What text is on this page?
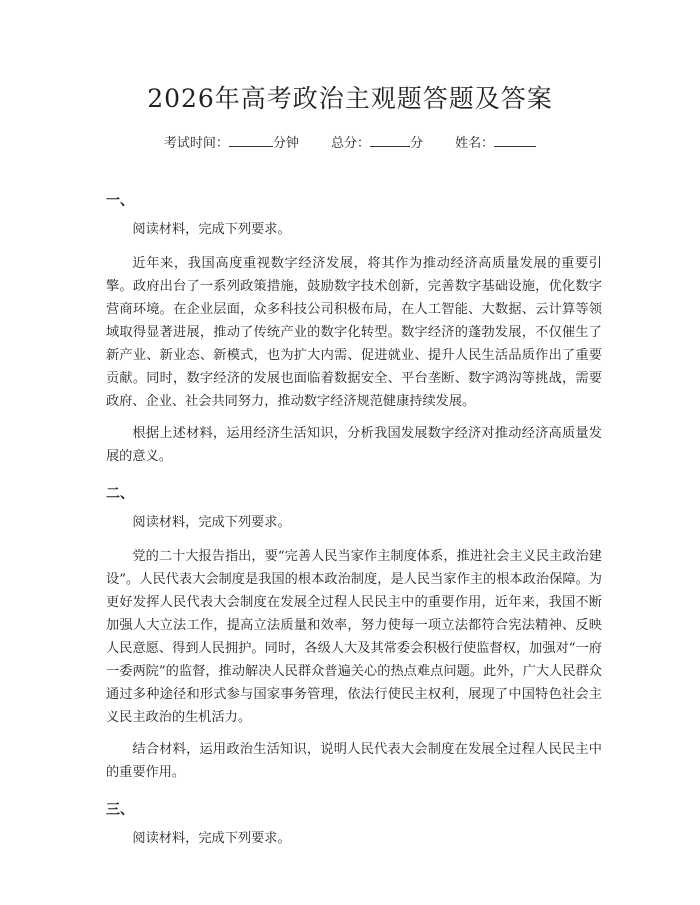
2026年高考政治主观题答题及答案
考试时间：	分钟 总分：	分 姓名：

一、

阅读材料，完成下列要求。

近年来，我国高度重视数字经济发展，将其作为推动经济高质量发展的重要引擎。政府出台了一系列政策措施，鼓励数字技术创新，完善数字基础设施，优化数字营商环境。在企业层面，众多科技公司积极布局，在人工智能、大数据、云计算等领域取得显著进展，推动了传统产业的数字化转型。数字经济的蓬勃发展，不仅催生了新产业、新业态、新模式，也为扩大内需、促进就业、提升人民生活品质作出了重要贡献。同时，数字经济的发展也面临着数据安全、平台垄断、数字鸿沟等挑战，需要政府、企业、社会共同努力，推动数字经济规范健康持续发展。

根据上述材料，运用经济生活知识，分析我国发展数字经济对推动经济高质量发展的意义。

二、

阅读材料，完成下列要求。

党的二十大报告指出，要“完善人民当家作主制度体系，推进社会主义民主政治建设”。人民代表大会制度是我国的根本政治制度，是人民当家作主的根本政治保障。为更好发挥人民代表大会制度在发展全过程人民民主中的重要作用，近年来，我国不断加强人大立法工作，提高立法质量和效率，努力使每一项立法都符合宪法精神、反映人民意愿、得到人民拥护。同时，各级人大及其常委会积极行使监督权，加强对“一府一委两院”的监督，推动解决人民群众普遍关心的热点难点问题。此外，广大人民群众通过多种途径和形式参与国家事务管理，依法行使民主权利，展现了中国特色社会主义民主政治的生机活力。

结合材料，运用政治生活知识，说明人民代表大会制度在发展全过程人民民主中的重要作用。

三、

阅读材料，完成下列要求。
